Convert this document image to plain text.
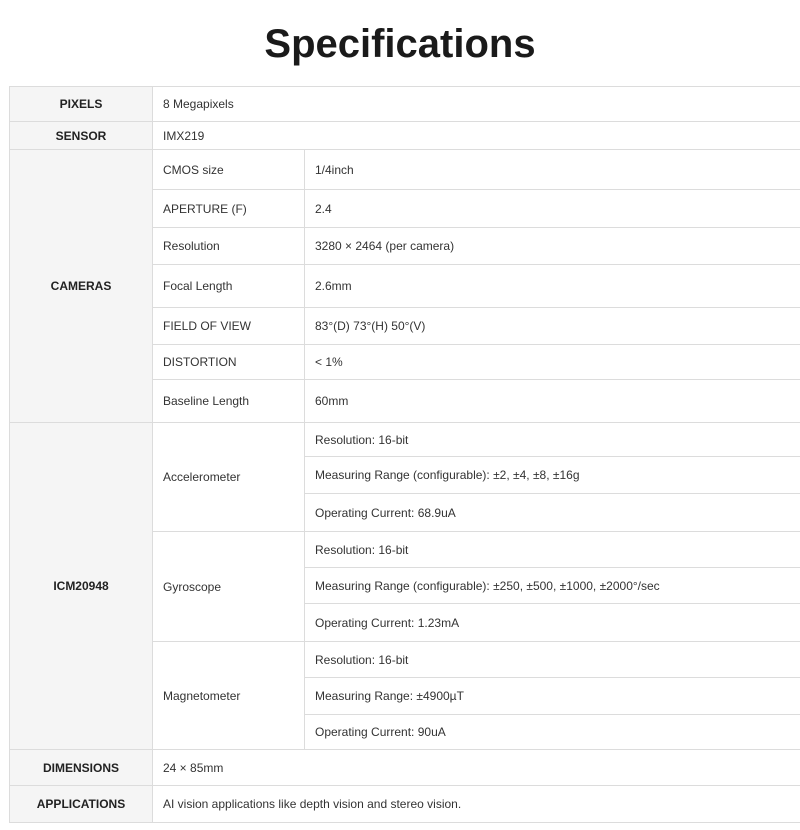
Specifications
PIXELS	8 Megapixels	
SENSOR	IMX219	
CAMERAS	CMOS size	1/4inch
	APERTURE (F)	2.4
	Resolution	3280 × 2464 (per camera)
	Focal Length	2.6mm
	FIELD OF VIEW	83°(D) 73°(H) 50°(V)
	DISTORTION	< 1%
	Baseline Length	60mm
ICM20948	Accelerometer	Resolution: 16-bit
		Measuring Range (configurable): ±2, ±4, ±8, ±16g
		Operating Current: 68.9uA
	Gyroscope	Resolution: 16-bit
		Measuring Range (configurable): ±250, ±500, ±1000, ±2000°/sec
		Operating Current: 1.23mA
	Magnetometer	Resolution: 16-bit
		Measuring Range: ±4900µT
		Operating Current: 90uA
DIMENSIONS	24 × 85mm	
APPLICATIONS	AI vision applications like depth vision and stereo vision.	
